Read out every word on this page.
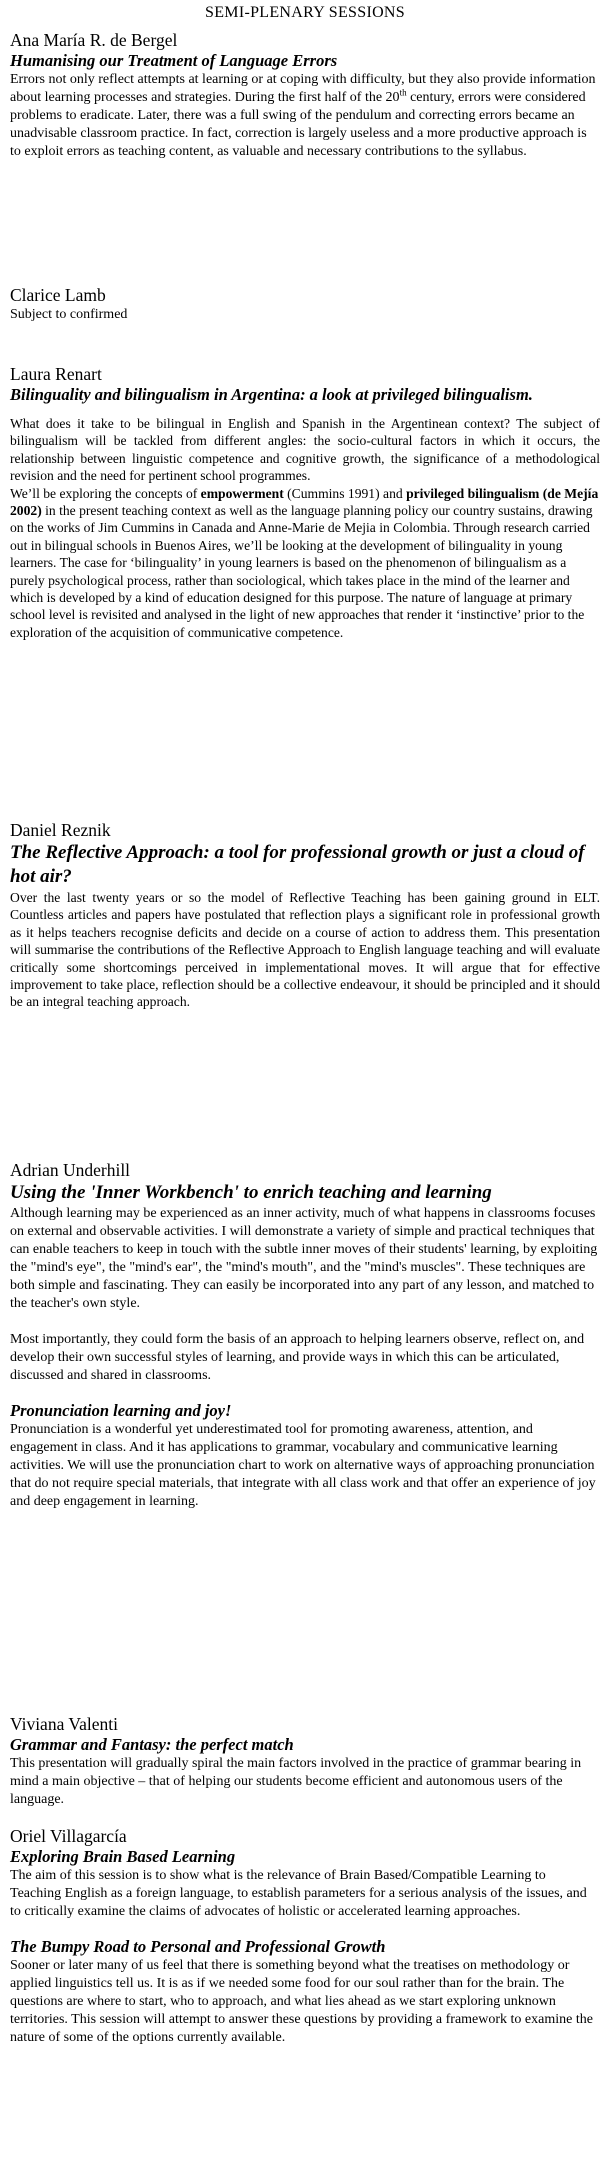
SEMI-PLENARY SESSIONS

Ana María R. de Bergel

Humanising our Treatment of Language Errors

Errors not only reflect attempts at learning or at coping with difficulty, but they also provide information about learning processes and strategies. During the first half of the 20th century, errors were considered problems to eradicate. Later, there was a full swing of the pendulum and correcting errors became an unadvisable classroom practice. In fact, correction is largely useless and a more productive approach is to exploit errors as teaching content, as valuable and necessary contributions to the syllabus.

Clarice Lamb

Subject to confirmed

Laura Renart

Bilinguality and bilingualism in Argentina: a look at privileged bilingualism.

What does it take to be bilingual in English and Spanish in the Argentinean context? The subject of bilingualism will be tackled from different angles: the socio-cultural factors in which it occurs, the relationship between linguistic competence and cognitive growth, the significance of a methodological revision and the need for pertinent school programmes.

We’ll be exploring the concepts of empowerment (Cummins 1991) and privileged bilingualism (de Mejía 2002) in the present teaching context as well as the language planning policy our country sustains, drawing on the works of Jim Cummins in Canada and Anne-Marie de Mejia in Colombia. Through research carried out in bilingual schools in Buenos Aires, we’ll be looking at the development of bilinguality in young learners. The case for ‘bilinguality’ in young learners is based on the phenomenon of bilingualism as a purely psychological process, rather than sociological, which takes place in the mind of the learner and which is developed by a kind of education designed for this purpose. The nature of language at primary school level is revisited and analysed in the light of new approaches that render it ‘instinctive’ prior to the exploration of the acquisition of communicative competence.

Daniel Reznik

The Reflective Approach: a tool for professional growth or just a cloud of hot air?

Over the last twenty years or so the model of Reflective Teaching has been gaining ground in ELT. Countless articles and papers have postulated that reflection plays a significant role in professional growth as it helps teachers recognise deficits and decide on a course of action to address them. This presentation will summarise the contributions of the Reflective Approach to English language teaching and will evaluate critically some shortcomings perceived in implementational moves. It will argue that for effective improvement to take place, reflection should be a collective endeavour, it should be principled and it should be an integral teaching approach.

Adrian Underhill

Using the 'Inner Workbench' to enrich teaching and learning

Although learning may be experienced as an inner activity, much of what happens in classrooms focuses on external and observable activities. I will demonstrate a variety of simple and practical techniques that can enable teachers to keep in touch with the subtle inner moves of their students' learning, by exploiting the "mind's eye", the "mind's ear", the "mind's mouth", and the "mind's muscles". These techniques are both simple and fascinating. They can easily be incorporated into any part of any lesson, and matched to the teacher's own style.

Most importantly, they could form the basis of an approach to helping learners observe, reflect on, and develop their own successful styles of learning, and provide ways in which this can be articulated, discussed and shared in classrooms.

Pronunciation learning and joy!

Pronunciation is a wonderful yet underestimated tool for promoting awareness, attention, and engagement in class. And it has applications to grammar, vocabulary and communicative learning activities. We will use the pronunciation chart to work on alternative ways of approaching pronunciation that do not require special materials, that integrate with all class work and that offer an experience of joy and deep engagement in learning.

Viviana Valenti

Grammar and Fantasy: the perfect match

This presentation will gradually spiral the main factors involved in the practice of grammar bearing in mind a main objective – that of helping our students become efficient and autonomous users of the language.

Oriel Villagarcía

Exploring Brain Based Learning

The aim of this session is to show what is the relevance of Brain Based/Compatible Learning to Teaching English as a foreign language, to establish parameters for a serious analysis of the issues, and to critically examine the claims of advocates of holistic or accelerated learning approaches.

The Bumpy Road to Personal and Professional Growth

Sooner or later many of us feel that there is something beyond what the treatises on methodology or applied linguistics tell us. It is as if we needed some food for our soul rather than for the brain. The questions are where to start, who to approach, and what lies ahead as we start exploring unknown territories. This session will attempt to answer these questions by providing a framework to examine the nature of some of the options currently available.
